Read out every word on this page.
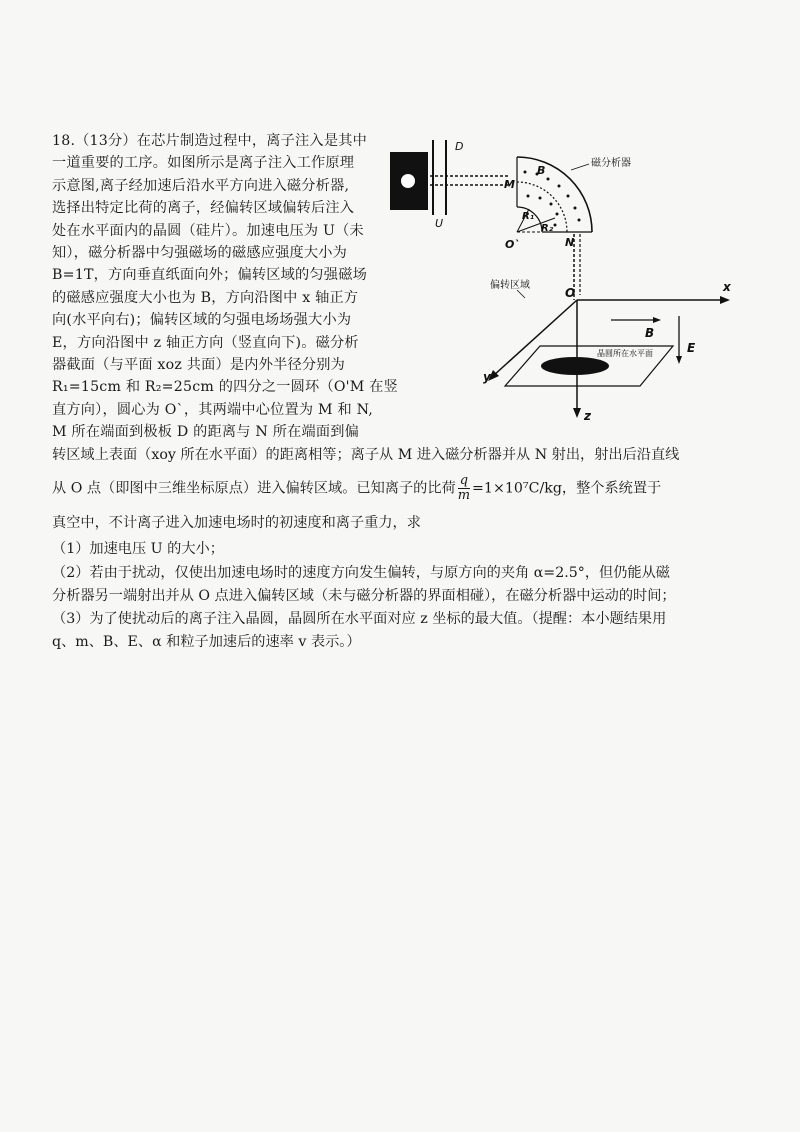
18.（13分）在芯片制造过程中，离子注入是其中
一道重要的工序。如图所示是离子注入工作原理
示意图,离子经加速后沿水平方向进入磁分析器,
选择出特定比荷的离子，经偏转区域偏转后注入
处在水平面内的晶圆（硅片）。加速电压为 U（未
知），磁分析器中匀强磁场的磁感应强度大小为
B=1T，方向垂直纸面向外；偏转区域的匀强磁场
的磁感应强度大小也为 B，方向沿图中 x 轴正方
向(水平向右)；偏转区域的匀强电场场强大小为
E，方向沿图中 z 轴正方向（竖直向下)。磁分析
器截面（与平面 xoz 共面）是内外半径分别为
R₁=15cm 和 R₂=25cm 的四分之一圆环（O'M 在竖
直方向），圆心为 O`，其两端中心位置为 M 和 N,
M 所在端面到极板 D 的距离与 N 所在端面到偏
转区域上表面（xoy 所在水平面）的距离相等；离子从 M 进入磁分析器并从 N 射出，射出后沿直线
从 O 点（即图中三维坐标原点）进入偏转区域。已知离子的比荷 $\frac{q}{m} =1\times 10^7C/kg$，整个系统置于
真空中，不计离子进入加速电场时的初速度和离子重力，求
（1）加速电压 U 的大小；
（2）若由于扰动，仅使出加速电场时的速度方向发生偏转，与原方向的夹角 α=2.5°，但仍能从磁
分析器另一端射出并从 O 点进入偏转区域（未与磁分析器的界面相碰），在磁分析器中运动的时间；
（3）为了使扰动后的离子注入晶圆，晶圆所在水平面对应 z 坐标的最大值。（提醒：本小题结果用
q、m、B、E、α 和粒子加速后的速率 v 表示。）
D
U
磁分析器
M
B
R₁
R₂
O`	N
偏转区域
O	x
y
z
B
E
晶圆所在水平面
